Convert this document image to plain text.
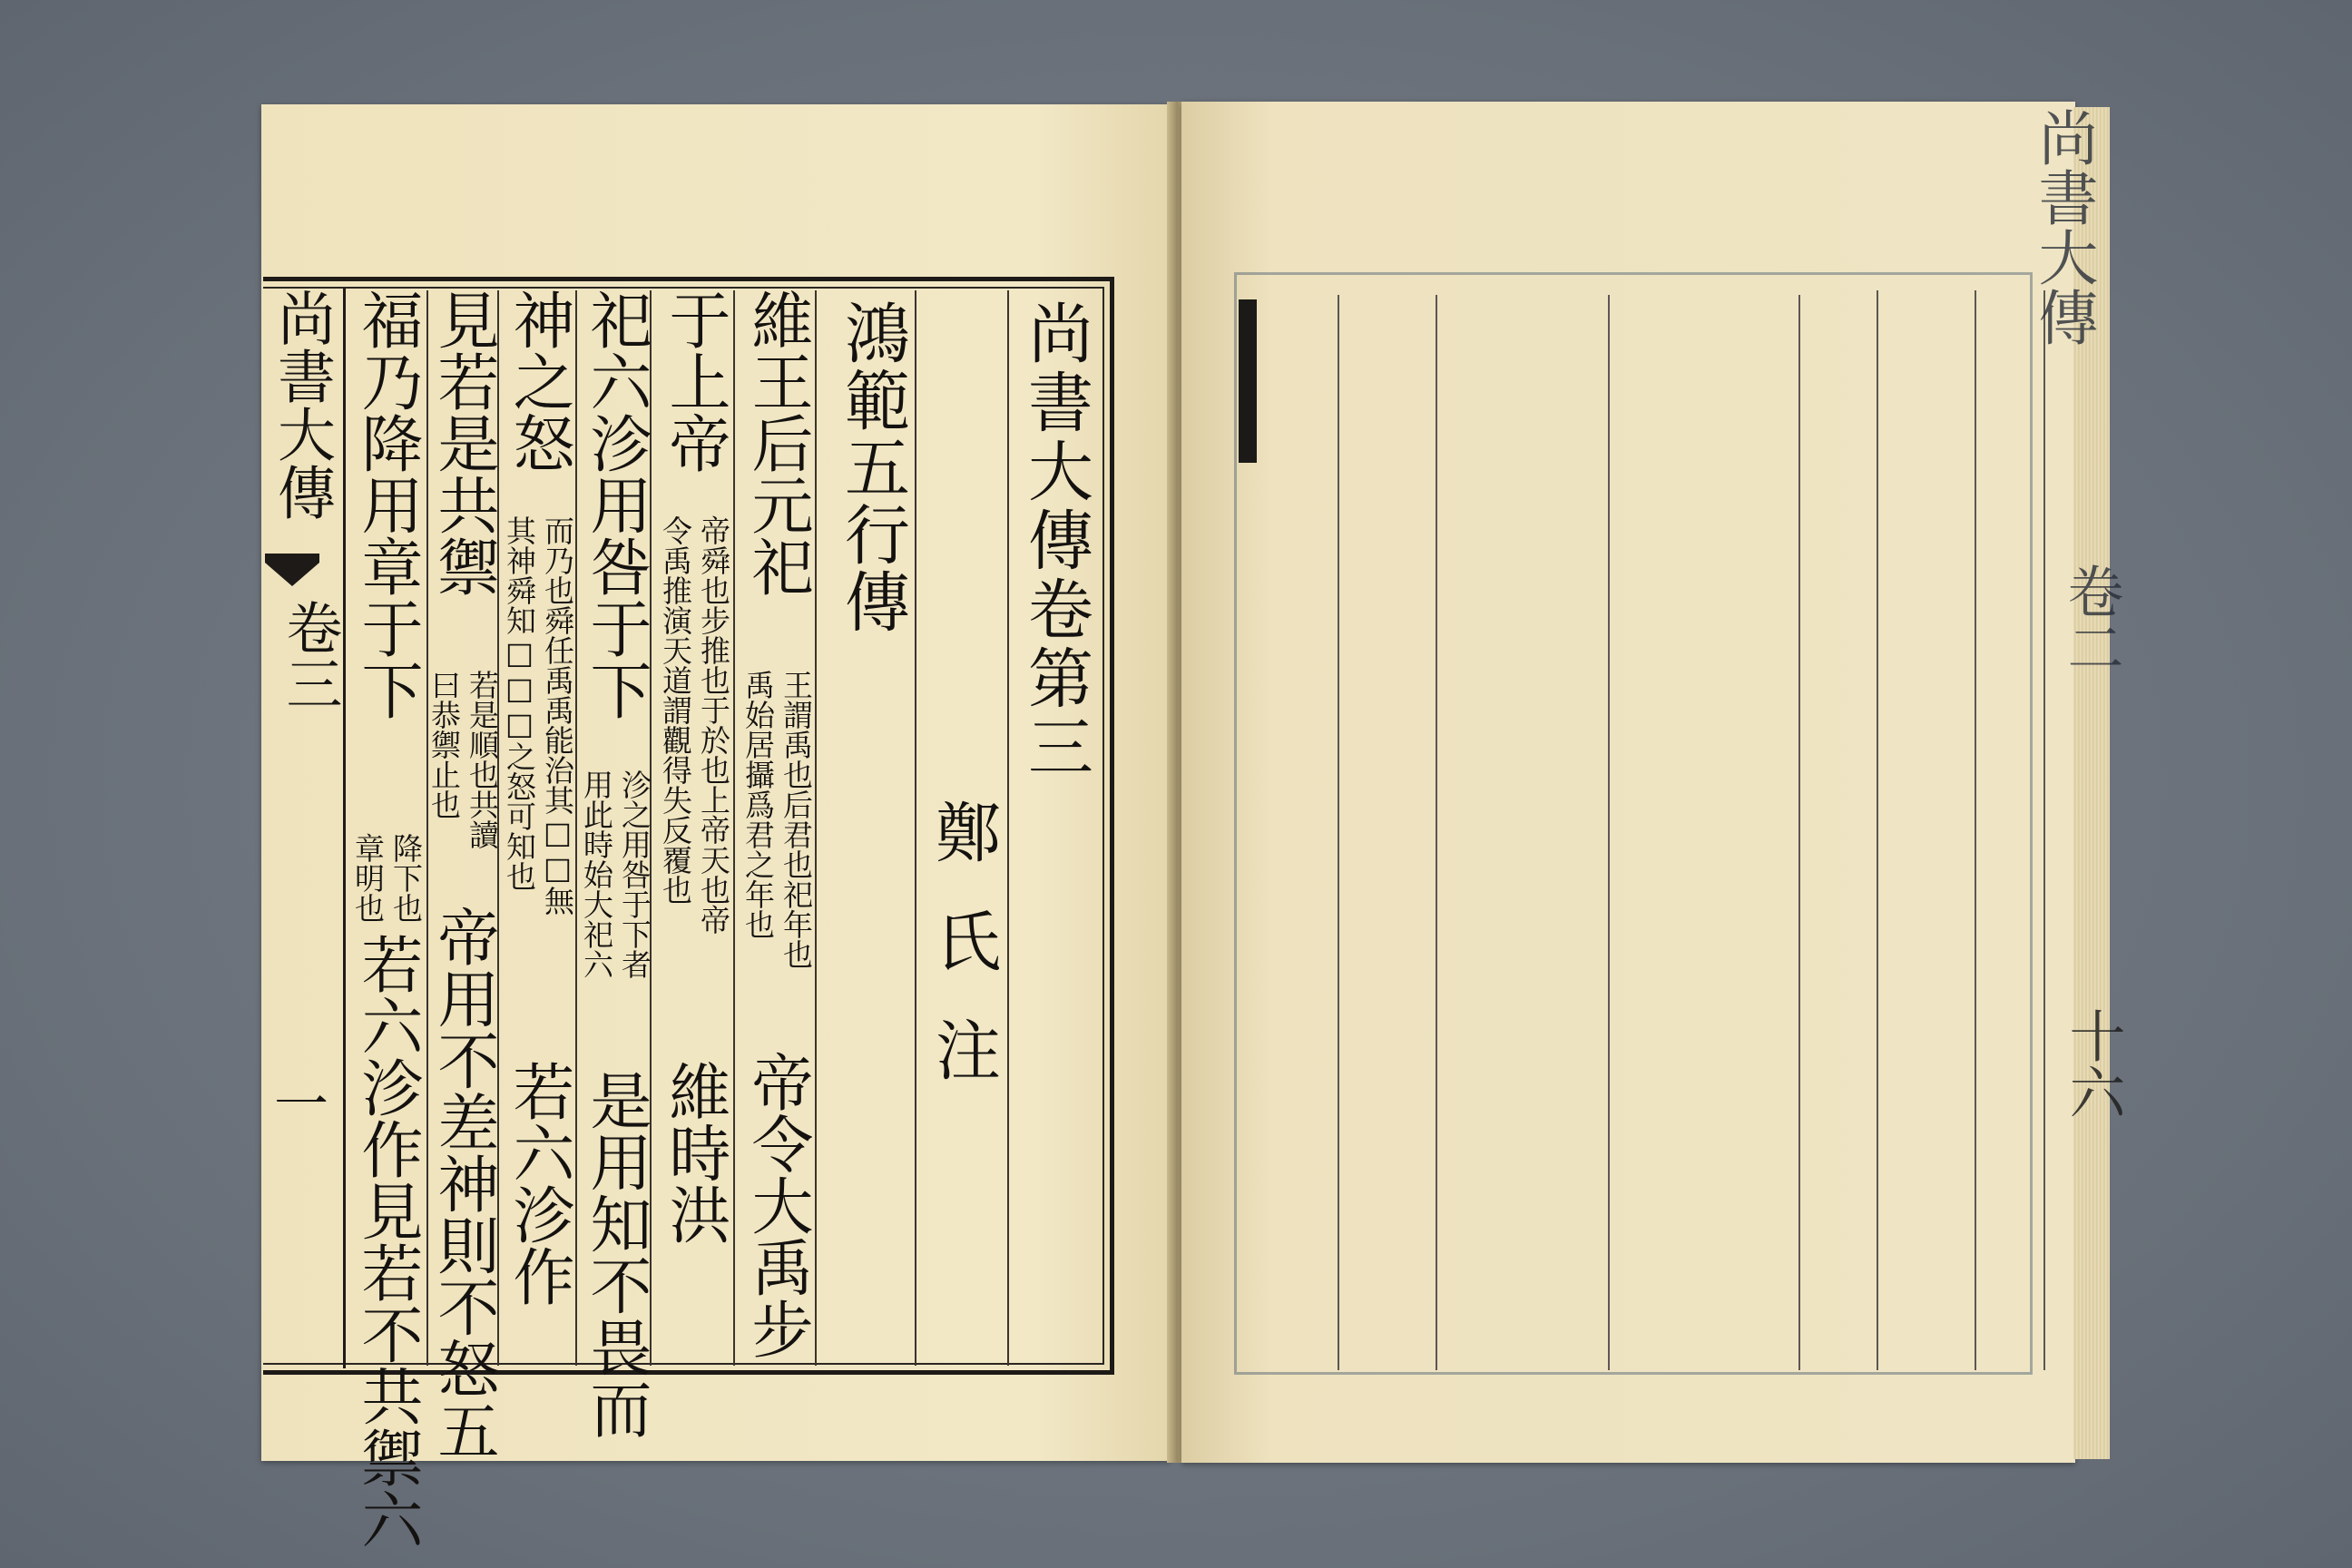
尚書大傳
卷二
十六
尚書大傳
卷三
一
尚書大傳卷第三
鄭氏注
鴻範五行傳
維王后元祀
禹始居攝爲君之年也 王謂禹也后君也祀年也
帝令大禹步
于上帝
令禹推演天道謂觀得失反覆也 帝舜也步推也于於也上帝天也帝
維時洪
祀六沴用咎于下
用此時始大祀六 沴之用咎于下者
是用知不畏而
神之怒
其神舜知□□□之怒可知也 而乃也舜任禹禹能治其□□無
若六沴作
見若是共禦
曰恭禦止也 若是順也共讀
帝用不差神則不怒五
福乃降用章于下
章明也 降下也
若六沴作見若不共禦六
